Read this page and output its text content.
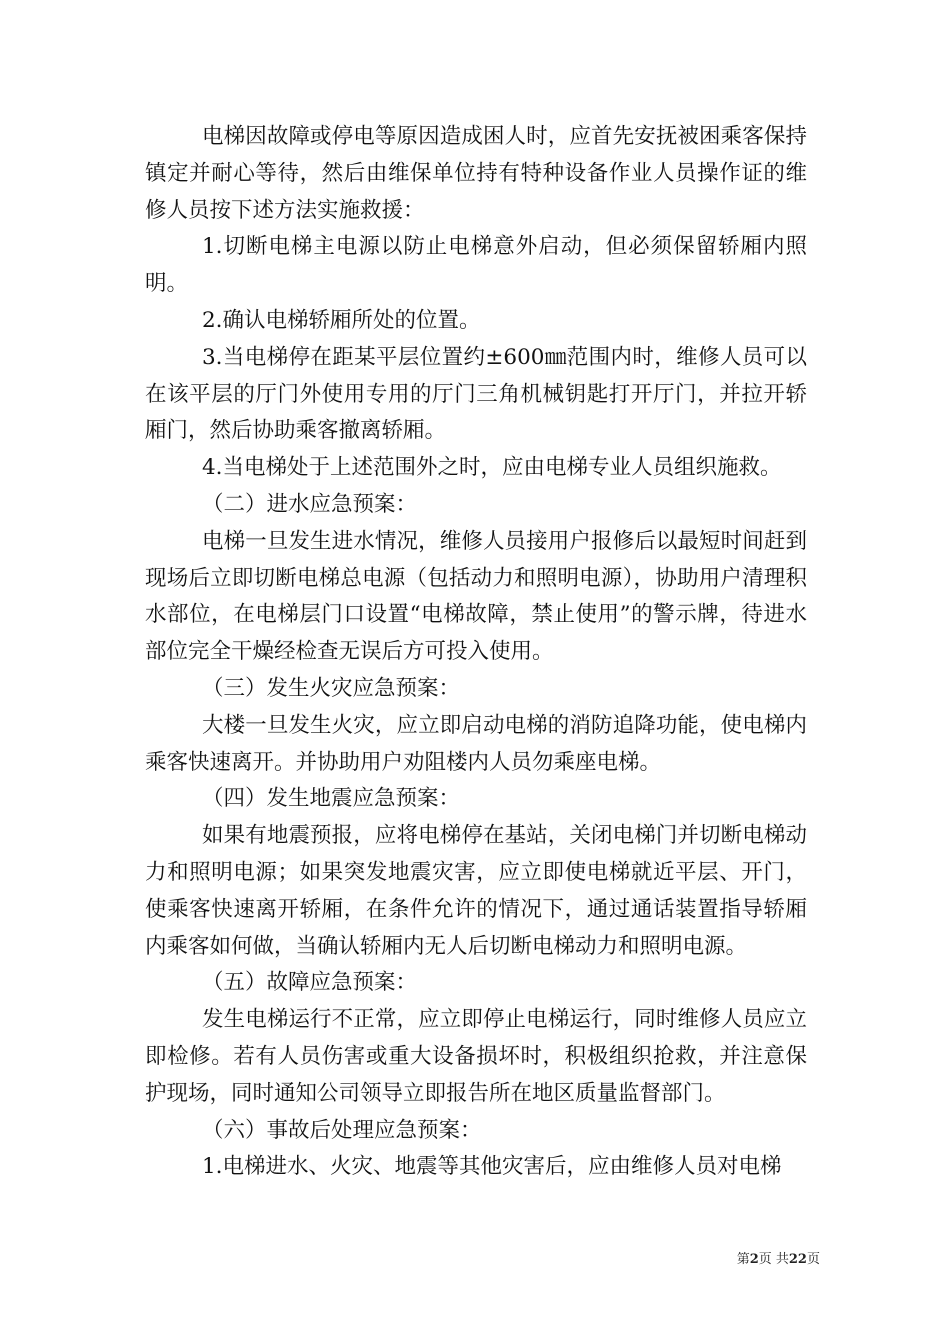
电梯因故障或停电等原因造成困人时，应首先安抚被困乘客保持镇定并耐心等待，然后由维保单位持有特种设备作业人员操作证的维修人员按下述方法实施救援：

1.切断电梯主电源以防止电梯意外启动，但必须保留轿厢内照明。

2.确认电梯轿厢所处的位置。

3.当电梯停在距某平层位置约±600㎜范围内时，维修人员可以在该平层的厅门外使用专用的厅门三角机械钥匙打开厅门，并拉开轿厢门，然后协助乘客撤离轿厢。

4.当电梯处于上述范围外之时，应由电梯专业人员组织施救。

（二）进水应急预案：

电梯一旦发生进水情况，维修人员接用户报修后以最短时间赶到现场后立即切断电梯总电源（包括动力和照明电源），协助用户清理积水部位，在电梯层门口设置“电梯故障，禁止使用”的警示牌，待进水部位完全干燥经检查无误后方可投入使用。

（三）发生火灾应急预案：

大楼一旦发生火灾，应立即启动电梯的消防追降功能，使电梯内乘客快速离开。并协助用户劝阻楼内人员勿乘座电梯。

（四）发生地震应急预案：

如果有地震预报，应将电梯停在基站，关闭电梯门并切断电梯动力和照明电源；如果突发地震灾害，应立即使电梯就近平层、开门，使乘客快速离开轿厢，在条件允许的情况下，通过通话装置指导轿厢内乘客如何做，当确认轿厢内无人后切断电梯动力和照明电源。

（五）故障应急预案：

发生电梯运行不正常，应立即停止电梯运行，同时维修人员应立即检修。若有人员伤害或重大设备损坏时，积极组织抢救，并注意保护现场，同时通知公司领导立即报告所在地区质量监督部门。

（六）事故后处理应急预案：

1.电梯进水、火灾、地震等其他灾害后，应由维修人员对电梯

第2页 共22页
